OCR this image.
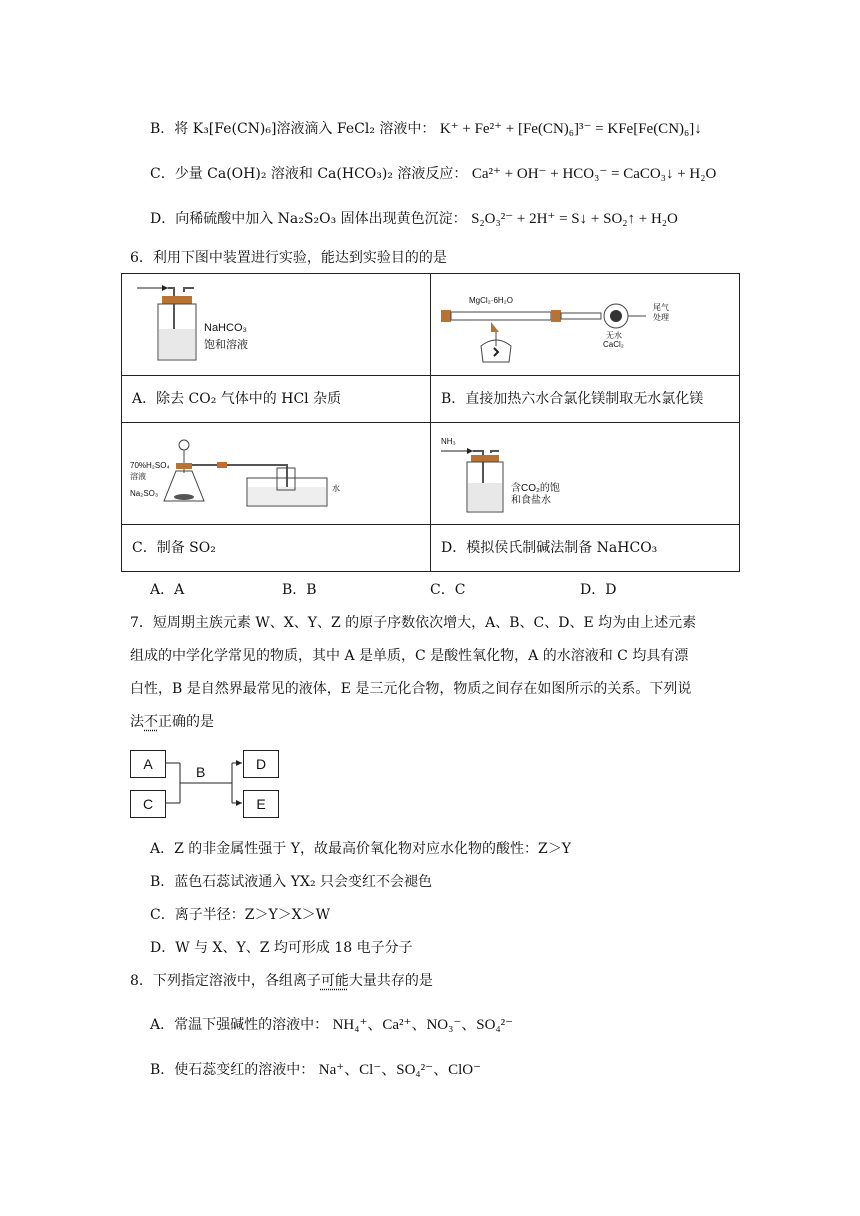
B．将 K₃[Fe(CN)₆]溶液滴入 FeCl₂ 溶液中： K⁺ + Fe²⁺ + [Fe(CN)₆]³⁻ = KFe[Fe(CN)₆]↓
C．少量 Ca(OH)₂ 溶液和 Ca(HCO₃)₂ 溶液反应： Ca²⁺ + OH⁻ + HCO₃⁻ = CaCO₃↓ + H₂O
D．向稀硫酸中加入 Na₂S₂O₃ 固体出现黄色沉淀： S₂O₃²⁻ + 2H⁺ = S↓ + SO₂↑ + H₂O
6．利用下图中装置进行实验，能达到实验目的的是
NaHCO₃
饱和溶液	MgCl₂·6H₂O
尾气
处理
无水
CaCl₂

A．除去 CO₂ 气体中的 HCl 杂质	B．直接加热六水合氯化镁制取无水氯化镁

70%H₂SO₄
溶液
Na₂SO₃
水	NH₃
含CO₂的饱
和食盐水

C．制备 SO₂	D．模拟侯氏制碱法制备 NaHCO₃
A．A	B．B	C．C	D．D
7．短周期主族元素 W、X、Y、Z 的原子序数依次增大，A、B、C、D、E 均为由上述元素
组成的中学化学常见的物质，其中 A 是单质，C 是酸性氧化物，A 的水溶液和 C 均具有漂
白性，B 是自然界最常见的液体，E 是三元化合物，物质之间存在如图所示的关系。下列说
法不正确的是
A
C
B	D
E
A．Z 的非金属性强于 Y，故最高价氧化物对应水化物的酸性：Z＞Y
B．蓝色石蕊试液通入 YX₂ 只会变红不会褪色
C．离子半径：Z＞Y＞X＞W
D．W 与 X、Y、Z 均可形成 18 电子分子
8．下列指定溶液中，各组离子可能大量共存的是
A．常温下强碱性的溶液中： NH₄⁺、Ca²⁺、NO₃⁻、SO₄²⁻
B．使石蕊变红的溶液中： Na⁺、Cl⁻、SO₄²⁻、ClO⁻
